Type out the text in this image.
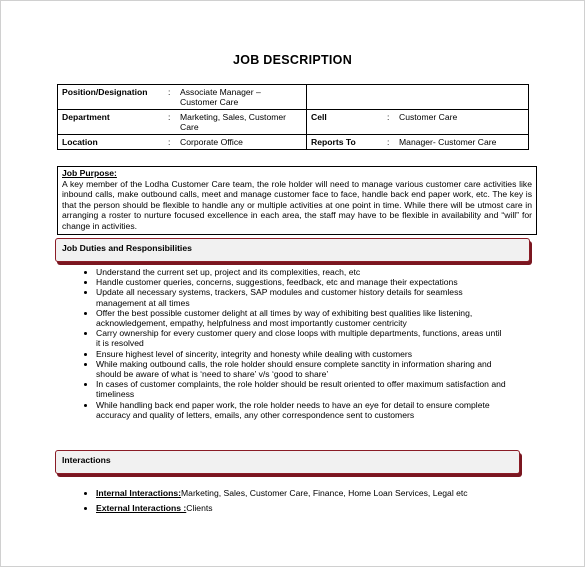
JOB DESCRIPTION
Position/Designation : Associate Manager – Customer Care	
Department : Marketing, Sales, Customer Care	Cell : Customer Care
Location : Corporate Office	Reports To : Manager- Customer Care
Job Purpose:
A key member of the Lodha Customer Care team, the role holder will need to manage various customer care activities like inbound calls, make outbound calls, meet and manage customer face to face, handle back end paper work, etc. The key is that the person should be flexible to handle any or multiple activities at one point in time. While there will be utmost care in arranging a roster to nurture focused excellence in each area, the staff may have to be flexible in availability and “will” for change in activities.
Job Duties and Responsibilities
• Understand the current set up, project and its complexities, reach, etc
• Handle customer queries, concerns, suggestions, feedback, etc and manage their expectations
• Update all necessary systems, trackers, SAP modules and customer history details for seamless management at all times
• Offer the best possible customer delight at all times by way of exhibiting best qualities like listening, acknowledgement, empathy, helpfulness and most importantly customer centricity
• Carry ownership for every customer query and close loops with multiple departments, functions, areas until it is resolved
• Ensure highest level of sincerity, integrity and honesty while dealing with customers
• While making outbound calls, the role holder should ensure complete sanctity in information sharing and should be aware of what is ‘need to share’ v/s ‘good to share’
• In cases of customer complaints, the role holder should be result oriented to offer maximum satisfaction and timeliness
• While handling back end paper work, the role holder needs to have an eye for detail to ensure complete accuracy and quality of letters, emails, any other correspondence sent to customers
Interactions
• Internal Interactions:Marketing, Sales, Customer Care, Finance, Home Loan Services, Legal etc
• External Interactions :Clients
